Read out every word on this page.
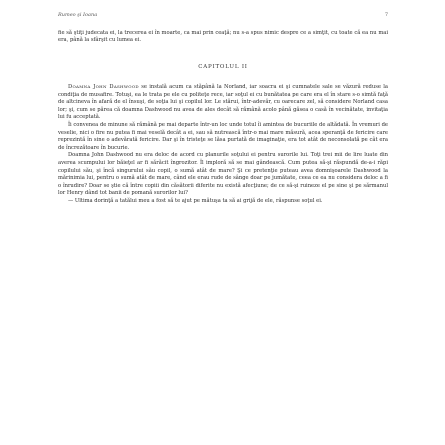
Rumeo şi Ioana	7
fie să ştiţi judecata ei, la trecerea ei în moarte, ca mai prin ceaţă; nu s-a spus nimic despre ce a simţit, cu toate că ea nu mai era, până la sfârşit cu lumea ei.
CAPITOLUL II

Doamna John Dashwood se instală acum ca stăpână la Norland, iar soacra ei şi cumnatele sale se văzură reduse la condiţia de musafire. Totuşi, ea le trata pe ele cu politeţe rece, iar soţul ei cu bunătatea pe care era el în stare s-o simtă faţă de altcineva în afară de el însuşi, de soţia lui şi copilul lor. Le stărui, într-adevăr, cu oarecare zel, să considere Norland casa lor; şi, cum se părea că doamna Dashwood nu avea de ales decât să rămână acolo până găsea o casă în vecinătate, invitaţia lui fu acceptată.

Îi convenea de minune să rămână pe mai departe într-un loc unde totul îi amintea de bucuriile de altădată. În vremuri de veselie, nici o fire nu putea fi mai veselă decât a ei, sau să nutrească într-o mai mare măsură, acea speranţă de fericire care reprezintă în sine o adevărată fericire. Dar şi în tristeţe se lăsa purtată de imaginaţie, era tot atât de neconsolată pe cât era de încrezătoare în bucurie.

Doamna John Dashwood nu era deloc de acord cu planurile soţului ei pentru surorile lui. Toţi trei mii de lire luate din averea scumpului lor băieţel ar fi sărăcit îngrozitor. Îl imploră să se mai gândească. Cum putea să-şi răspundă de-a-i răpi copilului său, şi încă singurului său copil, o sumă atât de mare? Şi ce pretenţie puteau avea domnişoarele Dashwood la mărinimia lui, pentru o sumă atât de mare, când ele erau rude de sânge doar pe jumătate, ceea ce ea nu considera deloc a fi o înrudire? Doar se ştie că între copiii din căsătorii diferite nu există afecţiune; de ce să-şi ruineze el pe sine şi pe sărmanul lor Henry dând tot banii de pomană surorilor lui?

— Ultima dorinţă a tatălui meu a fost să te ajut pe mătuşa ta să ai grijă de ele, răspunse soţul ei.
